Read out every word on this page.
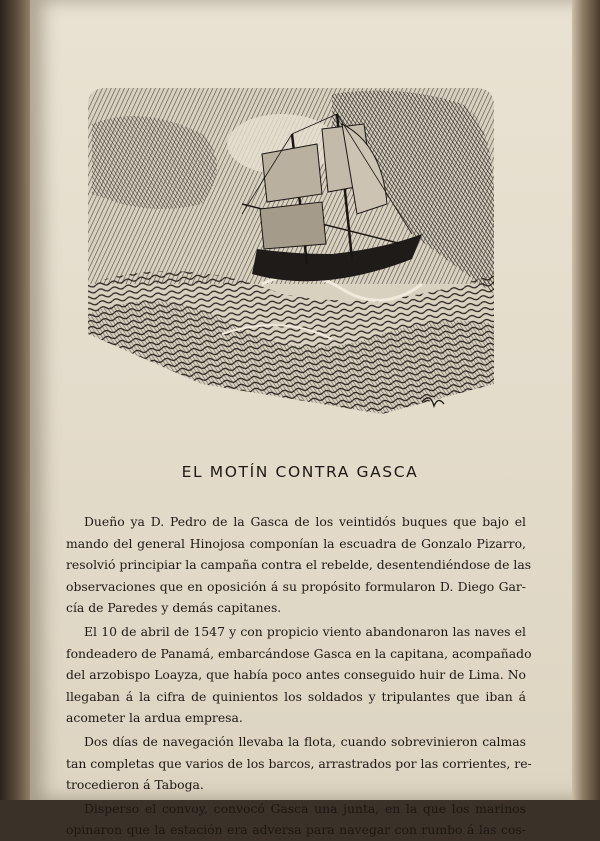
EL MOTÍN CONTRA GASCA

Dueño ya D. Pedro de la Gasca de los veintidós buques que bajo el
mando del general Hinojosa componían la escuadra de Gonzalo Pizarro,
resolvió principiar la campaña contra el rebelde, desentendiéndose de las
observaciones que en oposición á su propósito formularon D. Diego Gar-
cía de Paredes y demás capitanes.

El 10 de abril de 1547 y con propicio viento abandonaron las naves el
fondeadero de Panamá, embarcándose Gasca en la capitana, acompañado
del arzobispo Loayza, que había poco antes conseguido huir de Lima. No
llegaban á la cifra de quinientos los soldados y tripulantes que iban á
acometer la ardua empresa.

Dos días de navegación llevaba la flota, cuando sobrevinieron calmas
tan completas que varios de los barcos, arrastrados por las corrientes, re-
trocedieron á Taboga.

Disperso el convoy, convocó Gasca una junta, en la que los marinos
opinaron que la estación era adversa para navegar con rumbo á las cos-
